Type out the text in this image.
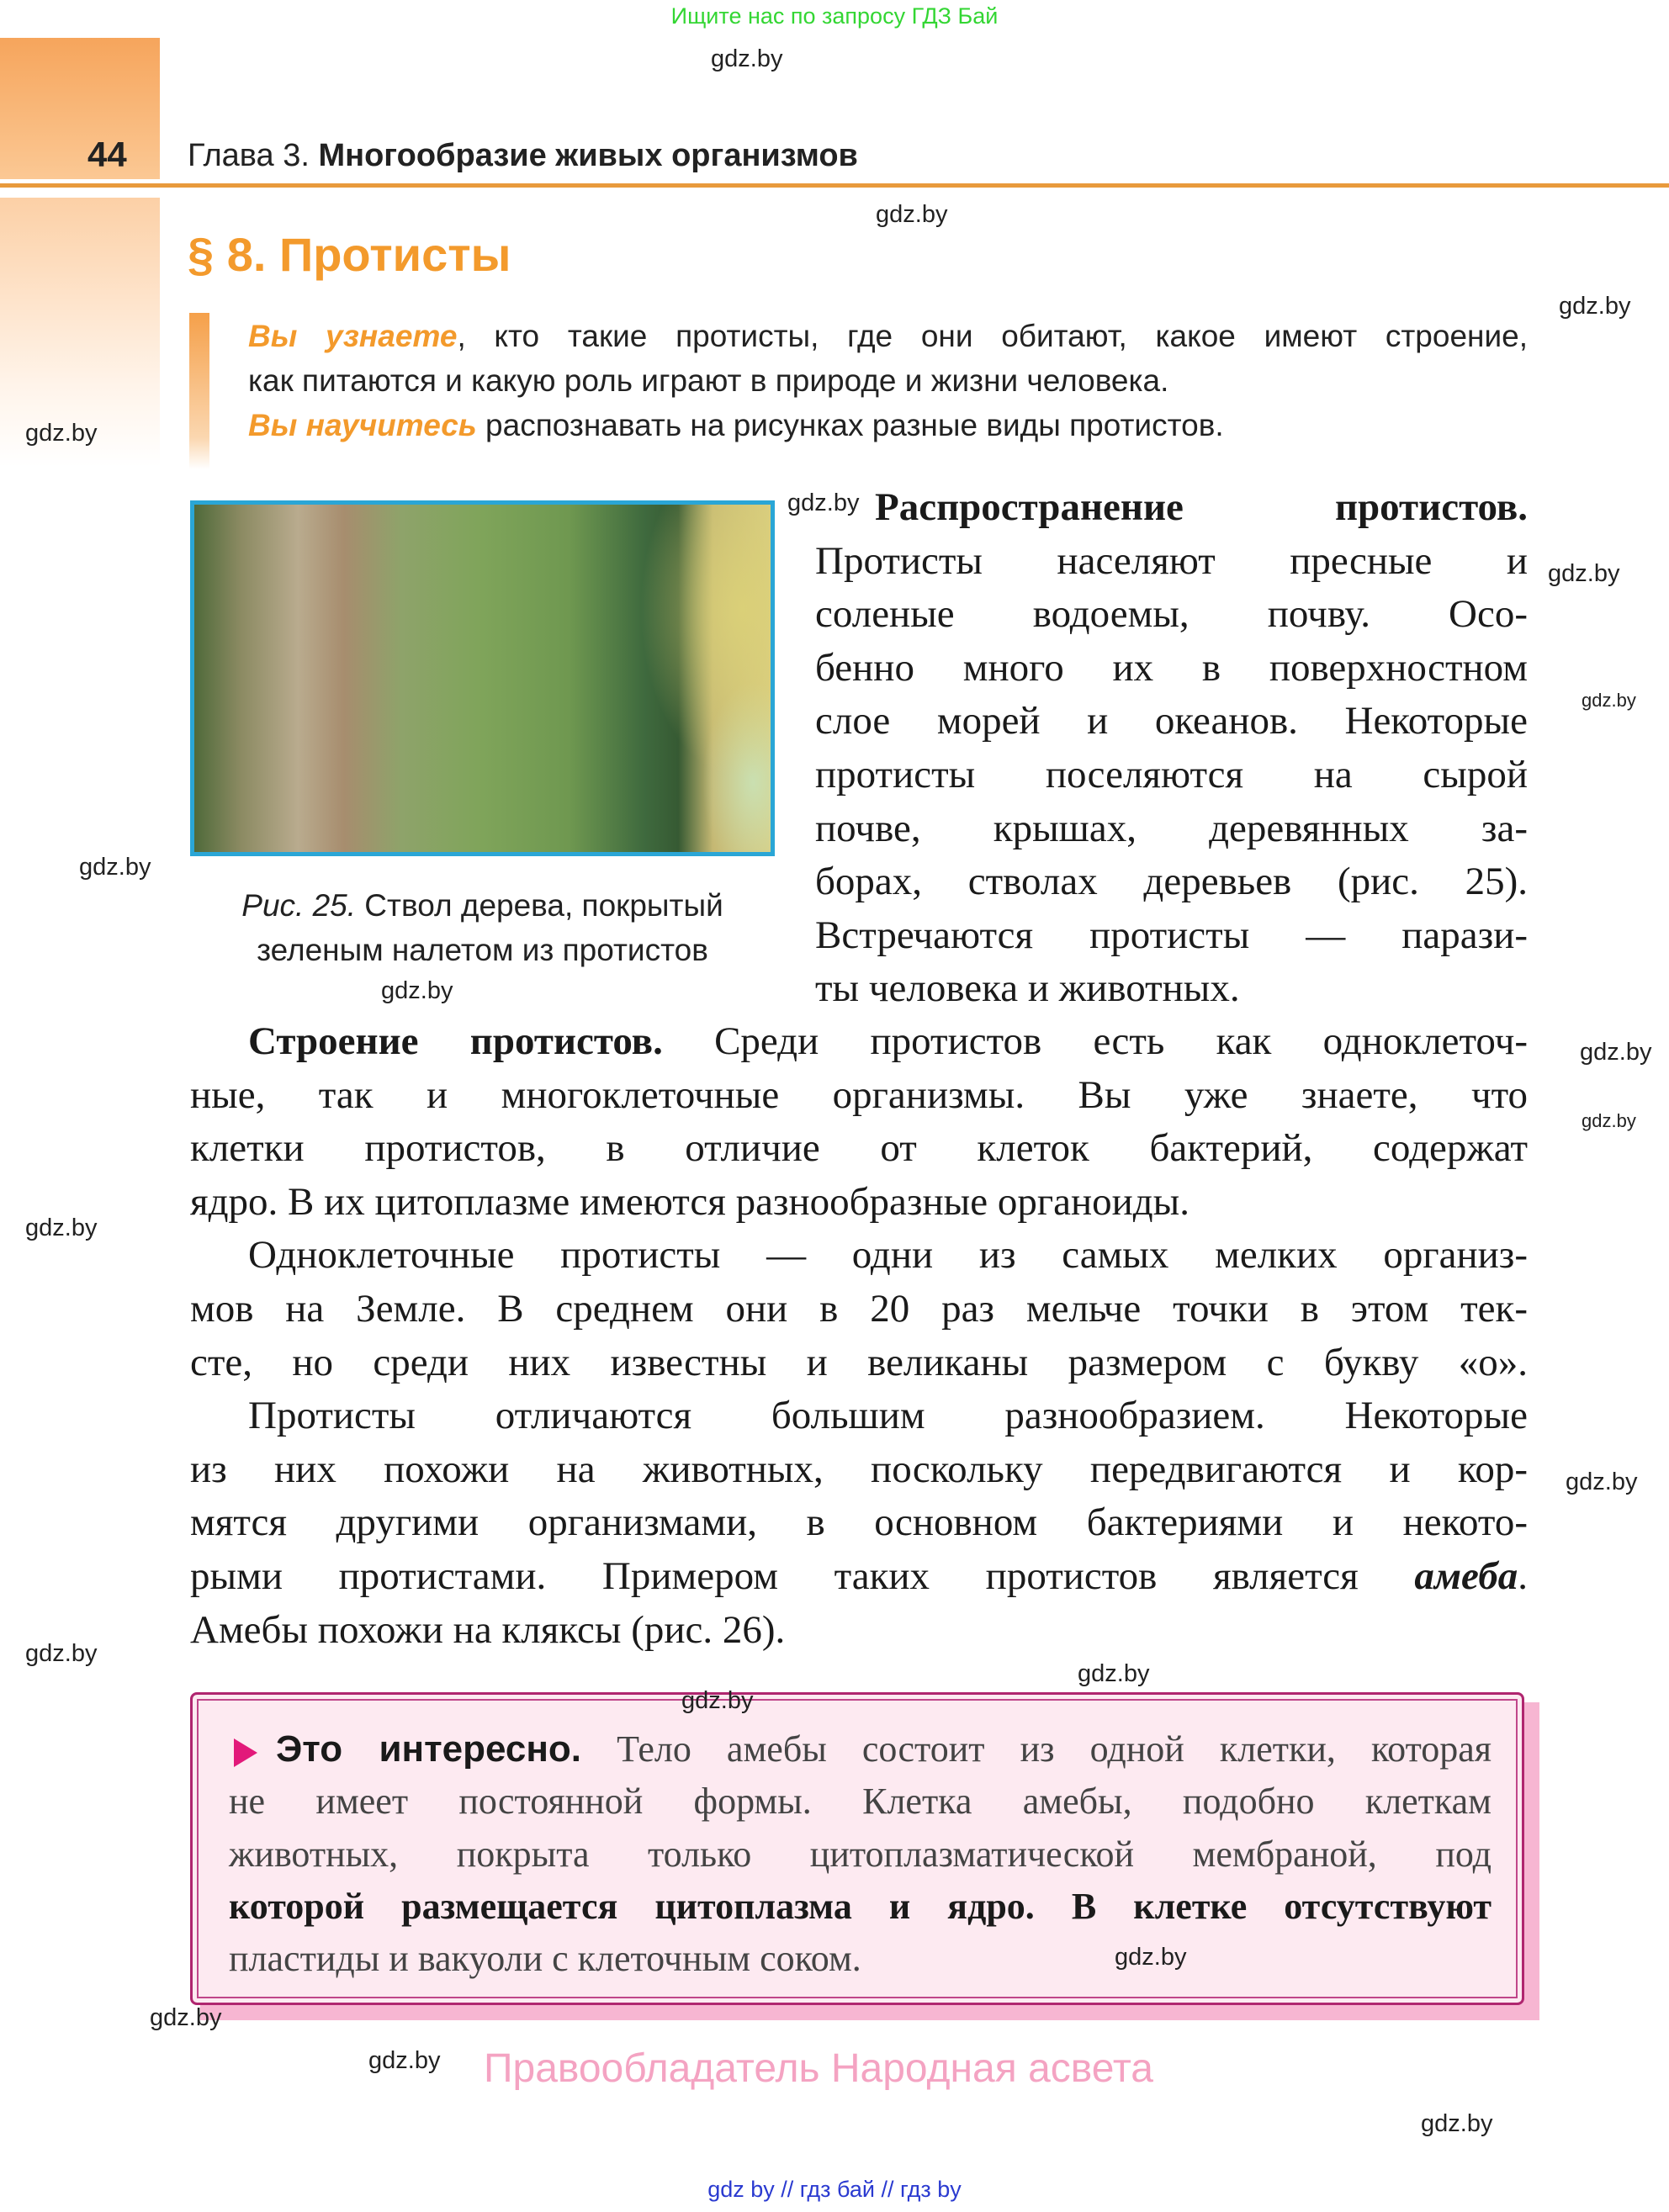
Ищите нас по запросу ГДЗ Бай
44 Глава 3. Многообразие живых организмов
§ 8. Протисты
Вы узнаете, кто такие протисты, где они обитают, какое имеют строение,
как питаются и какую роль играют в природе и жизни человека.
Вы научитесь распознавать на рисунках разные виды протистов.
Рис. 25. Ствол дерева, покрытый
зеленым налетом из протистов
Распространение протистов.
Протисты населяют пресные и
соленые водоемы, почву. Осо-
бенно много их в поверхностном
слое морей и океанов. Некоторые
протисты поселяются на сырой
почве, крышах, деревянных за-
борах, стволах деревьев (рис. 25).
Встречаются протисты — парази-
ты человека и животных.
Строение протистов. Среди протистов есть как одноклеточ-
ные, так и многоклеточные организмы. Вы уже знаете, что
клетки протистов, в отличие от клеток бактерий, содержат
ядро. В их цитоплазме имеются разнообразные органоиды.
Одноклеточные протисты — одни из самых мелких организ-
мов на Земле. В среднем они в 20 раз мельче точки в этом тек-
сте, но среди них известны и великаны размером с букву «о».
Протисты отличаются большим разнообразием. Некоторые
из них похожи на животных, поскольку передвигаются и кор-
мятся другими организмами, в основном бактериями и некото-
рыми протистами. Примером таких протистов является амеба.
Амебы похожи на кляксы (рис. 26).
Это интересно. Тело амебы состоит из одной клетки, которая
не имеет постоянной формы. Клетка амебы, подобно клеткам
животных, покрыта только цитоплазматической мембраной, под
которой размещается цитоплазма и ядро. В клетке отсутствуют
пластиды и вакуоли с клеточным соком.
Правообладатель Народная асвета
gdz by // гдз бай // гдз by
gdz.by
gdz.by
gdz.by
gdz.by
gdz.by
gdz.by
gdz.by
gdz.by
gdz.by
gdz.by
gdz.by
gdz.by
gdz.by
gdz.by
gdz.by
gdz.by
gdz.by
gdz.by
gdz.by
gdz.by
